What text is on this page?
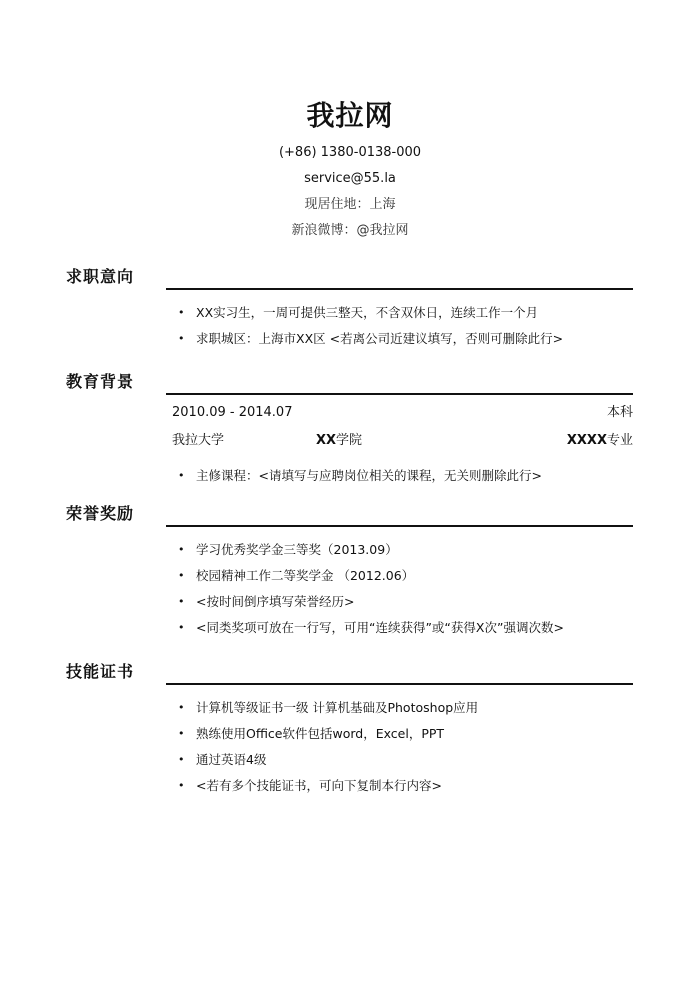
我拉网
(+86) 1380-0138-000
service@55.la
现居住地：上海
新浪微博：@我拉网
求职意向
• XX实习生，一周可提供三整天，不含双休日，连续工作一个月
• 求职城区：上海市XX区 <若离公司近建议填写，否则可删除此行>
教育背景
2010.09 - 2014.07	本科
我拉大学	XX学院	XXXX专业
• 主修课程：<请填写与应聘岗位相关的课程，无关则删除此行>
荣誉奖励
• 学习优秀奖学金三等奖（2013.09）
• 校园精神工作二等奖学金 （2012.06）
• <按时间倒序填写荣誉经历>
• <同类奖项可放在一行写，可用“连续获得”或“获得X次”强调次数>
技能证书
• 计算机等级证书一级 计算机基础及Photoshop应用
• 熟练使用Office软件包括word，Excel，PPT
• 通过英语4级
• <若有多个技能证书，可向下复制本行内容>
